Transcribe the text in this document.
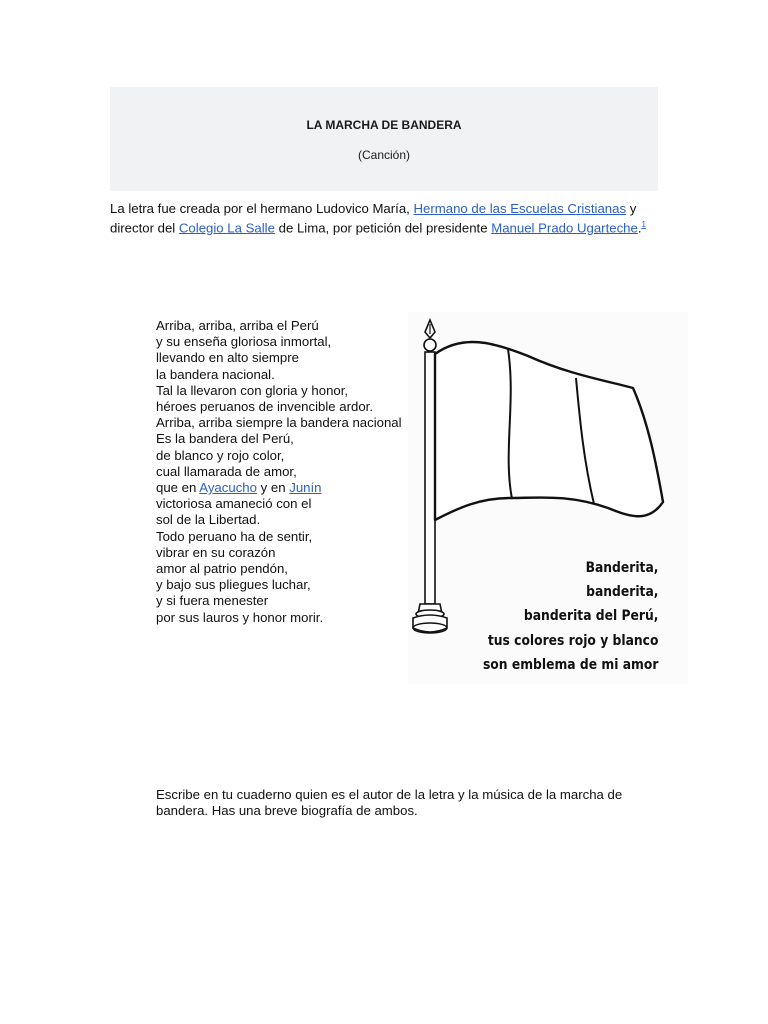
LA MARCHA DE BANDERA
(Canción)
La letra fue creada por el hermano Ludovico María, Hermano de las Escuelas Cristianas y director del Colegio La Salle de Lima, por petición del presidente Manuel Prado Ugarteche.$^1$
Arriba, arriba, arriba el Perú
y su enseña gloriosa inmortal,
llevando en alto siempre
la bandera nacional.
Tal la llevaron con gloria y honor,
héroes peruanos de invencible ardor.
Arriba, arriba siempre la bandera nacional
Es la bandera del Perú,
de blanco y rojo color,
cual llamarada de amor,
que en Ayacucho y en Junín
victoriosa amaneció con el
sol de la Libertad.
Todo peruano ha de sentir,
vibrar en su corazón
amor al patrio pendón,
y bajo sus pliegues luchar,
y si fuera menester
por sus lauros y honor morir.
Banderita,
banderita,
banderita del Perú,
tus colores rojo y blanco
son emblema de mi amor
Escribe en tu cuaderno quien es el autor de la letra y la música de la marcha de bandera. Has una breve biografía de ambos.
